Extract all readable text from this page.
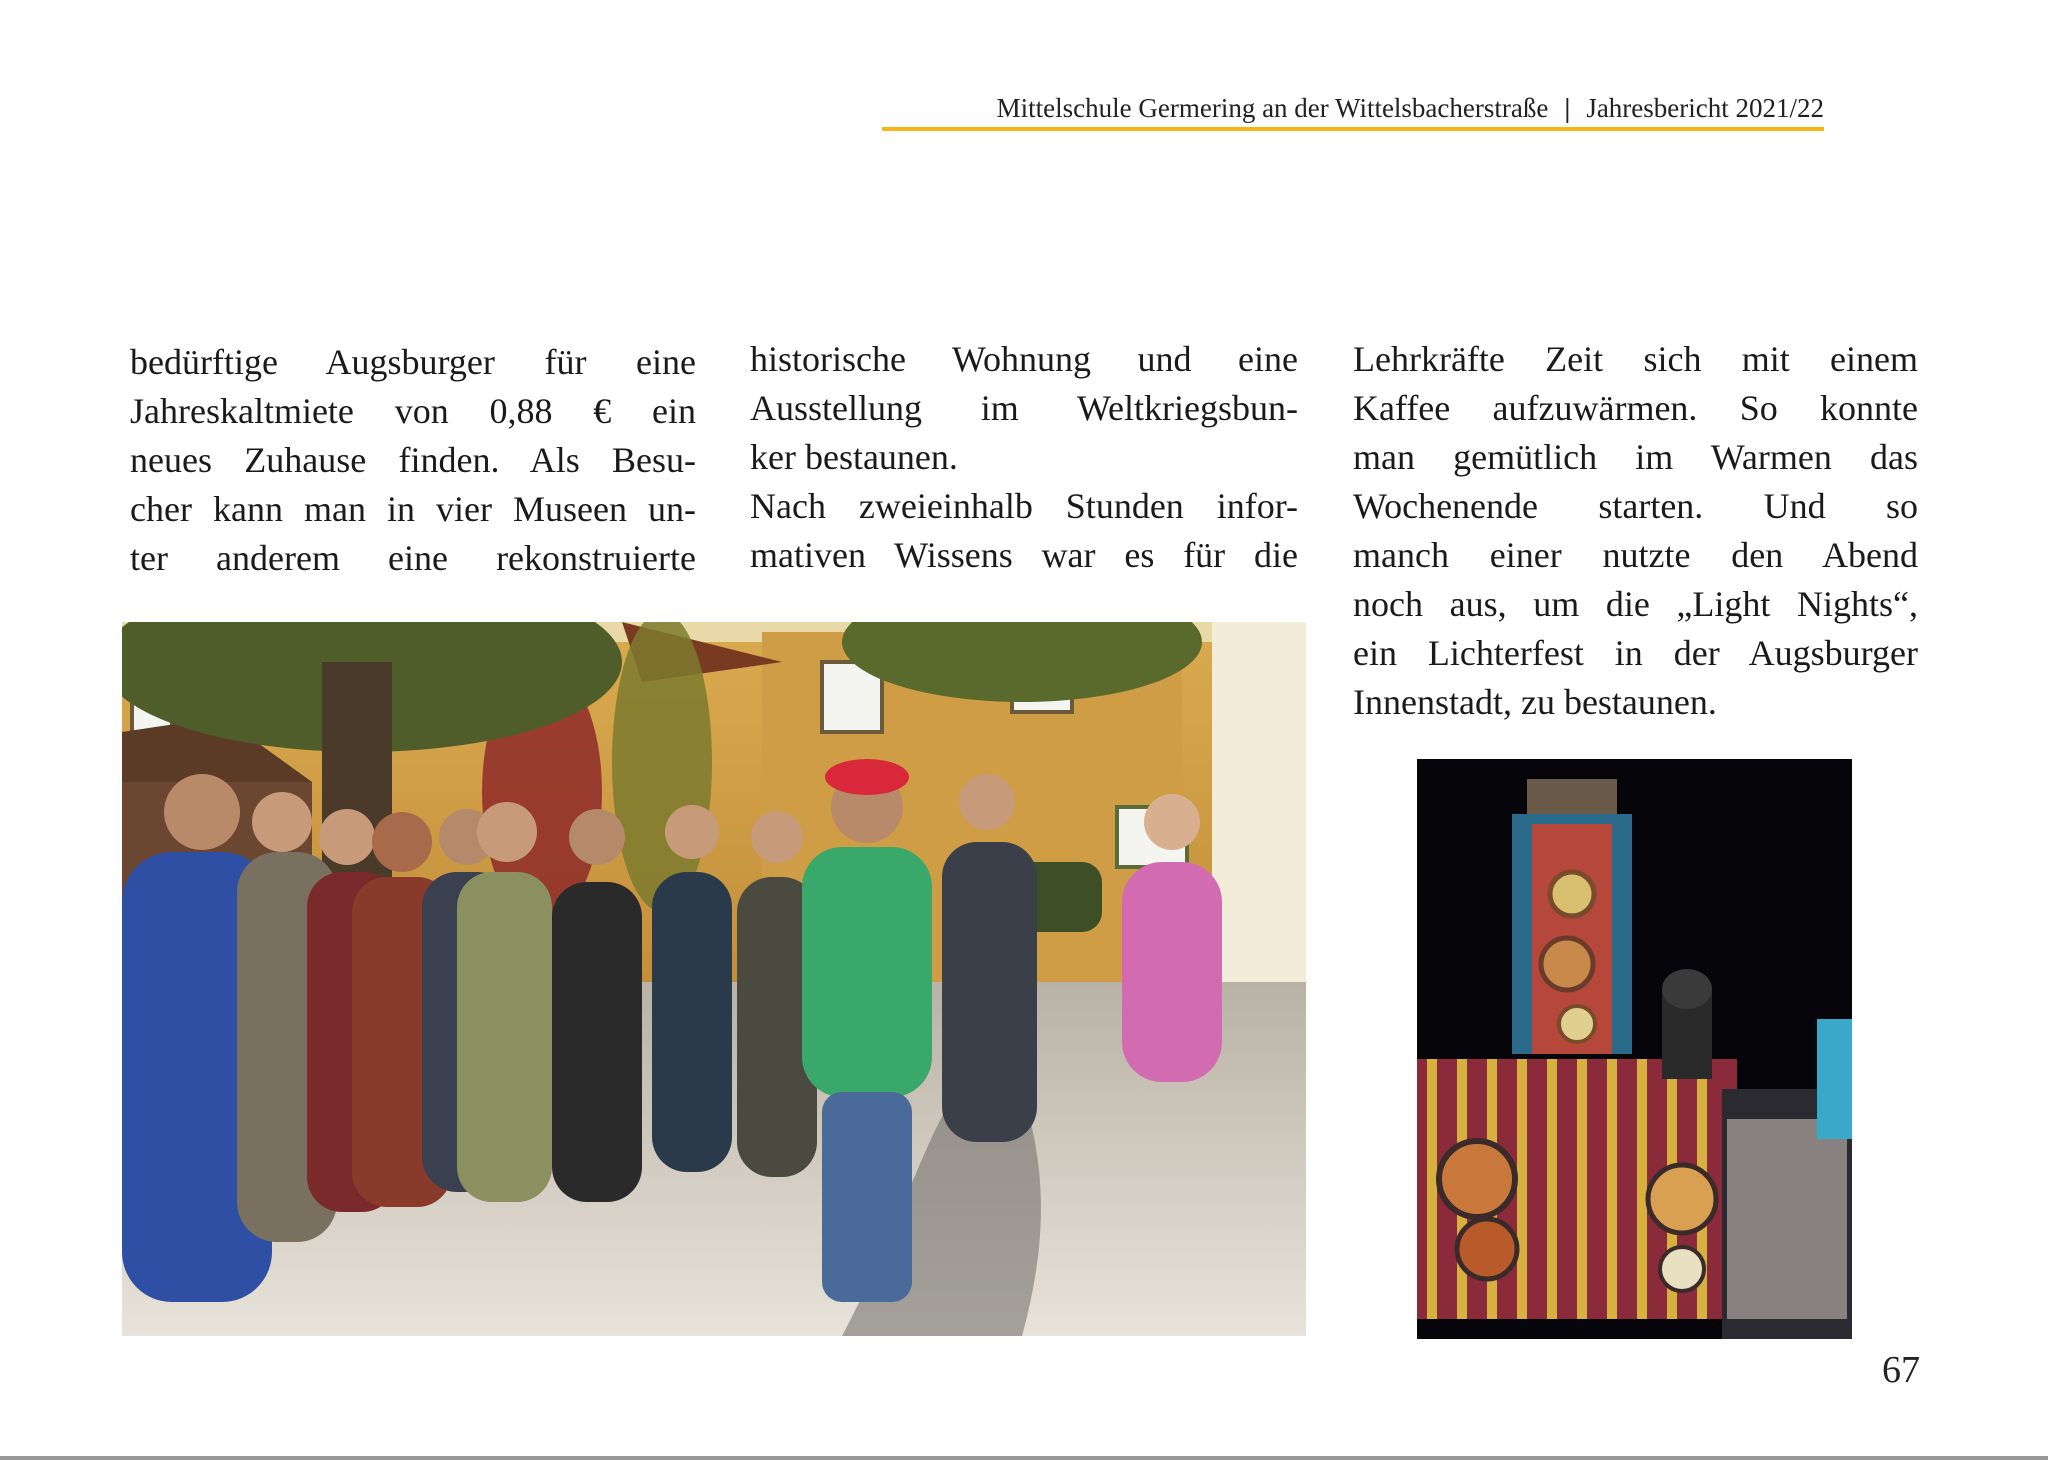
Mittelschule Germering an der Wittelsbacherstraße | Jahresbericht 2021/22
bedürftige Augsburger für eine
Jahreskaltmiete von 0,88 € ein
neues Zuhause finden. Als Besu-
cher kann man in vier Museen un-
ter anderem eine rekonstruierte
historische Wohnung und eine
Ausstellung im Weltkriegsbun-
ker bestaunen.
Nach zweieinhalb Stunden infor-
mativen Wissens war es für die
Lehrkräfte Zeit sich mit einem
Kaffee aufzuwärmen. So konnte
man gemütlich im Warmen das
Wochenende starten. Und so
manch einer nutzte den Abend
noch aus, um die „Light Nights“,
ein Lichterfest in der Augsburger
Innenstadt, zu bestaunen.
67
